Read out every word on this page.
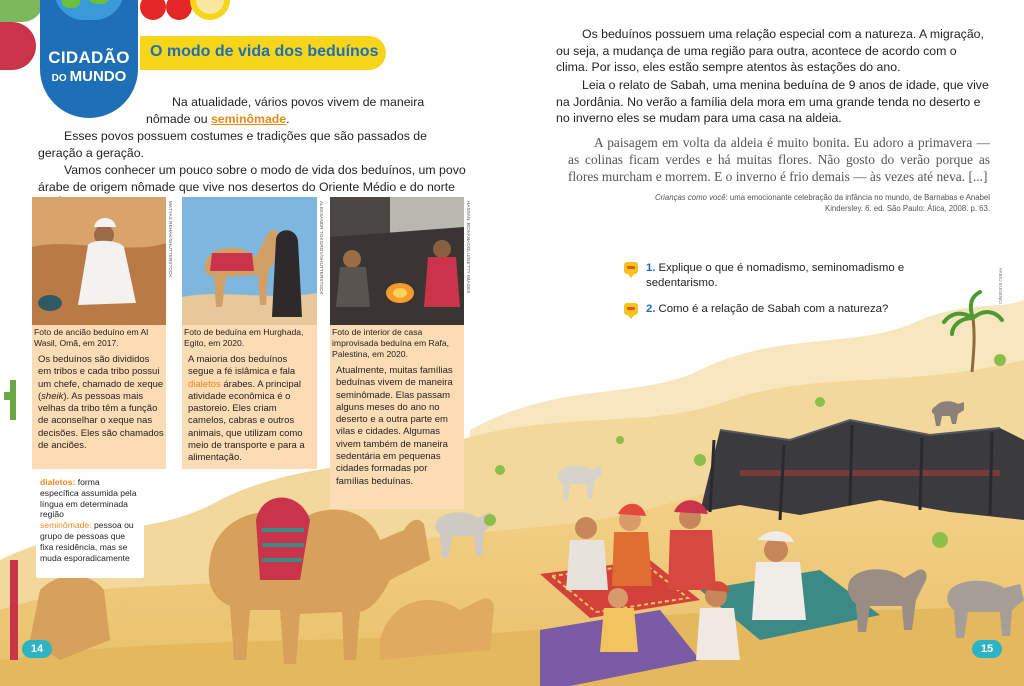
CIDADÃO
DO MUNDO
O modo de vida dos beduínos

Na atualidade, vários povos vivem de maneira nômade ou seminômade.

Esses povos possuem costumes e tradições que são passados de geração a geração.

Vamos conhecer um pouco sobre o modo de vida dos beduínos, um povo árabe de origem nômade que vive nos desertos do Oriente Médio e do norte

MATYAS REHAK/SHUTTERSTOCK
Foto de ancião beduíno em Al Wasil, Omã, em 2017.
Os beduínos são divididos em tribos e cada tribo possui um chefe, chamado de xeque (sheik). As pessoas mais velhas da tribo têm a função de aconselhar o xeque nas decisões. Eles são chamados de anciões.
ALEKSANDR TOKOROV/SHUTTERSTOCK
Foto de beduína em Hurghada, Egito, em 2020.
A maioria dos beduínos segue a fé islâmica e fala dialetos árabes. A principal atividade econômica é o pastoreio. Eles criam camelos, cabras e outros animais, que utilizam como meio de transporte e para a alimentação.
HASSAN JEDI/ANADOLU/GETTY IMAGES
Foto de interior de casa improvisada beduína em Rafa, Palestina, em 2020.
Atualmente, muitas famílias beduínas vivem de maneira seminômade. Elas passam alguns meses do ano no deserto e a outra parte em vilas e cidades. Algumas vivem também de maneira sedentária em pequenas cidades formadas por famílias beduínas.
dialetos: forma específica assumida pela língua em determinada região
seminômade: pessoa ou grupo de pessoas que fixa residência, mas se muda esporadicamente

Os beduínos possuem uma relação especial com a natureza. A migração, ou seja, a mudança de uma região para outra, acontece de acordo com o clima. Por isso, eles estão sempre atentos às estações do ano.

Leia o relato de Sabah, uma menina beduína de 9 anos de idade, que vive na Jordânia. No verão a família dela mora em uma grande tenda no deserto e no inverno eles se mudam para uma casa na aldeia.

A paisagem em volta da aldeia é muito bonita. Eu adoro a primavera — as colinas ficam verdes e há muitas flores. Não gosto do verão porque as flores murcham e morrem. E o inverno é frio demais — às vezes até neva. [...]

Crianças como você: uma emocionante celebração da infância no mundo, de Barnabas e Anabel Kindersley. 6. ed. São Paulo: Ática, 2008. p. 63.

1. Explique o que é nomadismo, seminomadismo e sedentarismo.
2. Como é a relação de Sabah com a natureza?
FABIO EUGENIO
14	15
